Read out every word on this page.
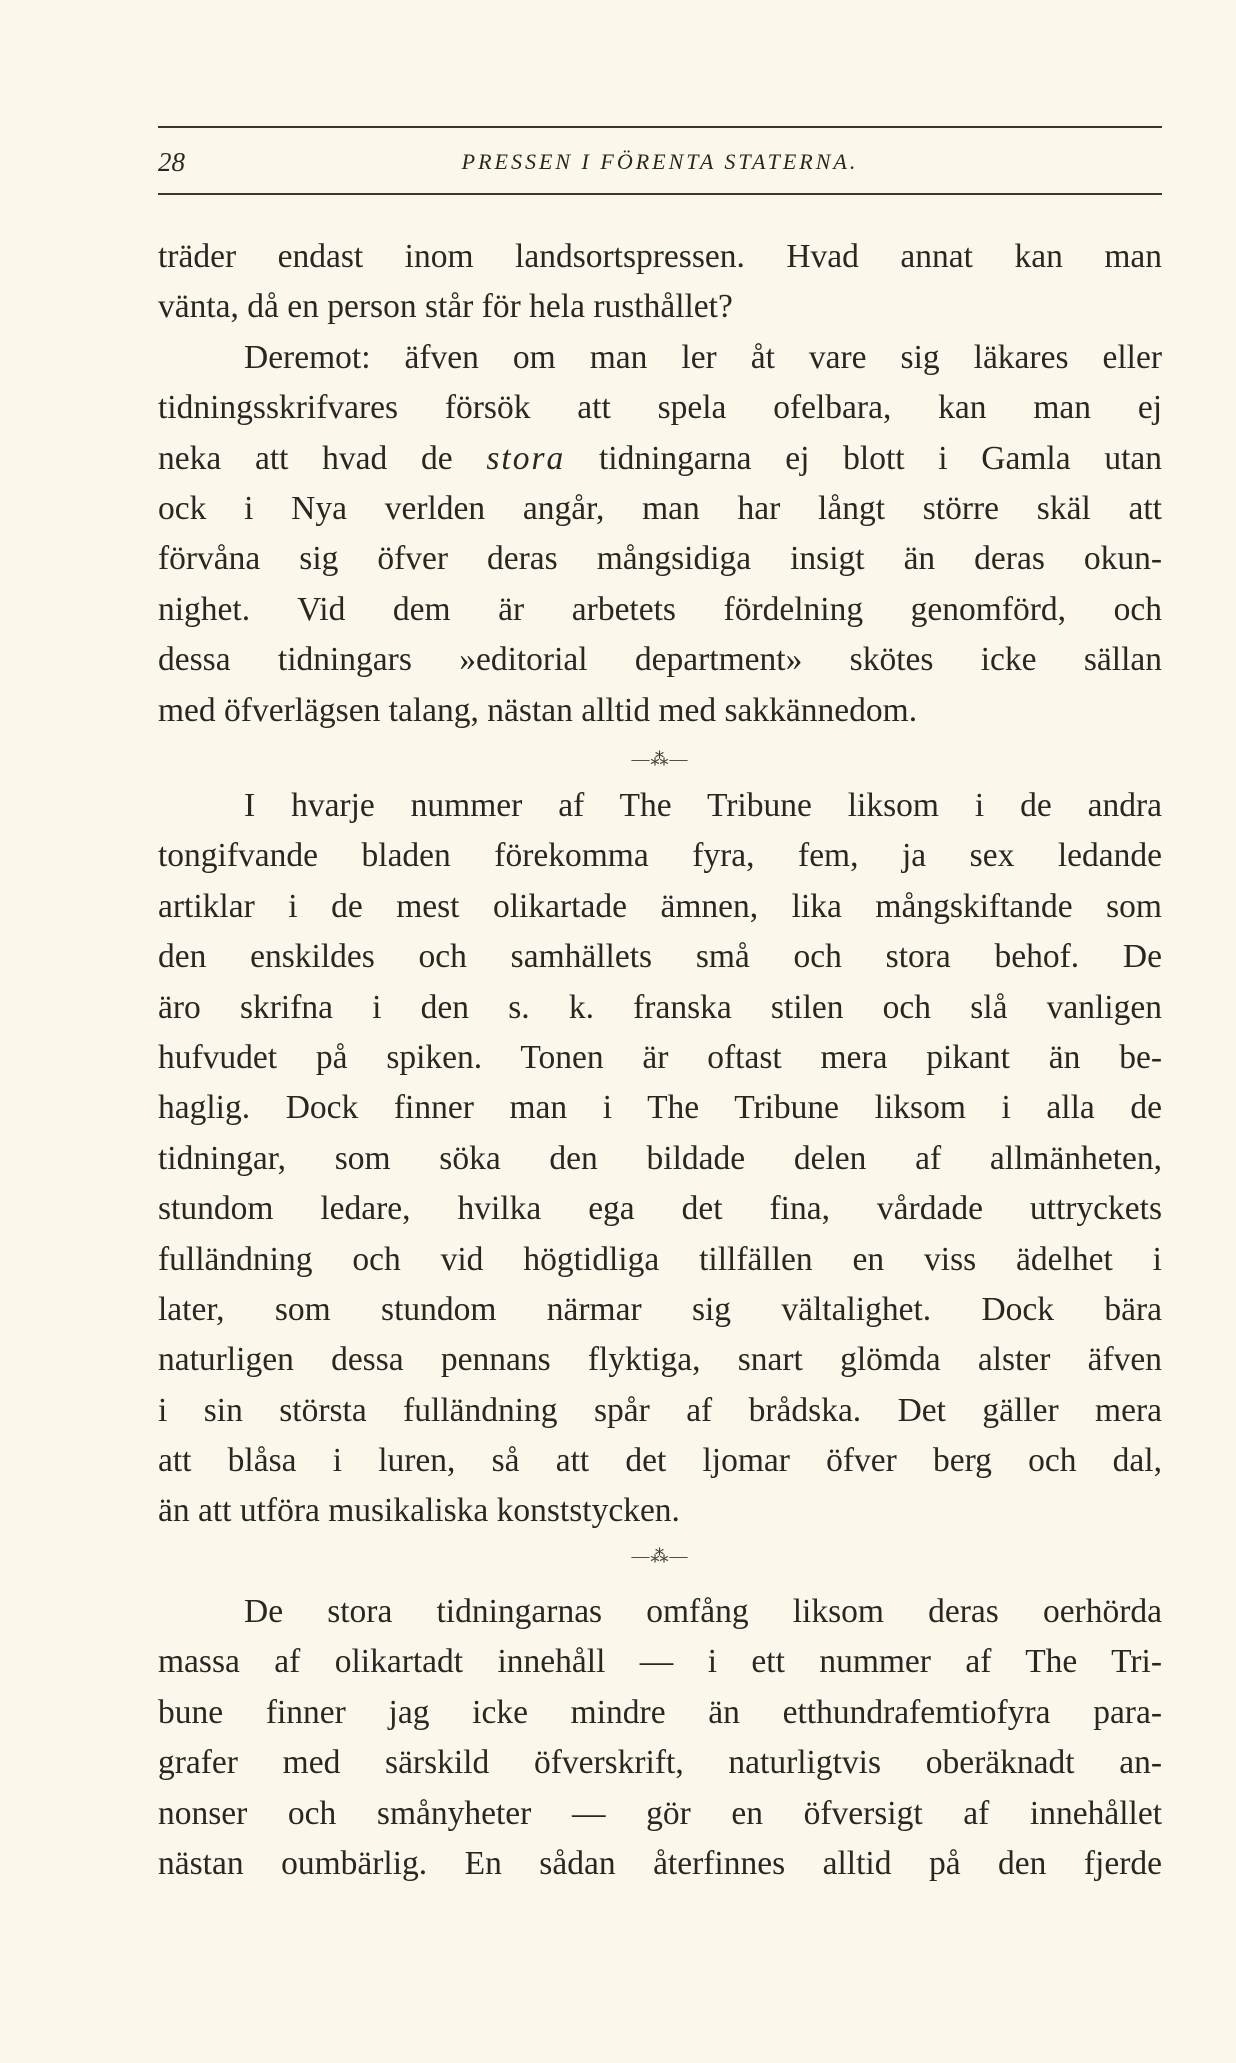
28	PRESSEN I FÖRENTA STATERNA.
träder endast inom landsortspressen. Hvad annat kan man
vänta, då en person står för hela rusthållet?
Deremot: äfven om man ler åt vare sig läkares eller
tidningsskrifvares försök att spela ofelbara, kan man ej
neka att hvad de stora tidningarna ej blott i Gamla utan
ock i Nya verlden angår, man har långt större skäl att
förvåna sig öfver deras mångsidiga insigt än deras okun-
nighet. Vid dem är arbetets fördelning genomförd, och
dessa tidningars »editorial department» skötes icke sällan
med öfverlägsen talang, nästan alltid med sakkännedom.
—⁂—
I hvarje nummer af The Tribune liksom i de andra
tongifvande bladen förekomma fyra, fem, ja sex ledande
artiklar i de mest olikartade ämnen, lika mångskiftande som
den enskildes och samhällets små och stora behof. De
äro skrifna i den s. k. franska stilen och slå vanligen
hufvudet på spiken. Tonen är oftast mera pikant än be-
haglig. Dock finner man i The Tribune liksom i alla de
tidningar, som söka den bildade delen af allmänheten,
stundom ledare, hvilka ega det fina, vårdade uttryckets
fulländning och vid högtidliga tillfällen en viss ädelhet i
later, som stundom närmar sig vältalighet. Dock bära
naturligen dessa pennans flyktiga, snart glömda alster äfven
i sin största fulländning spår af brådska. Det gäller mera
att blåsa i luren, så att det ljomar öfver berg och dal,
än att utföra musikaliska konststycken.
—⁂—
De stora tidningarnas omfång liksom deras oerhörda
massa af olikartadt innehåll — i ett nummer af The Tri-
bune finner jag icke mindre än etthundrafemtiofyra para-
grafer med särskild öfverskrift, naturligtvis oberäknadt an-
nonser och smånyheter — gör en öfversigt af innehållet
nästan oumbärlig. En sådan återfinnes alltid på den fjerde
